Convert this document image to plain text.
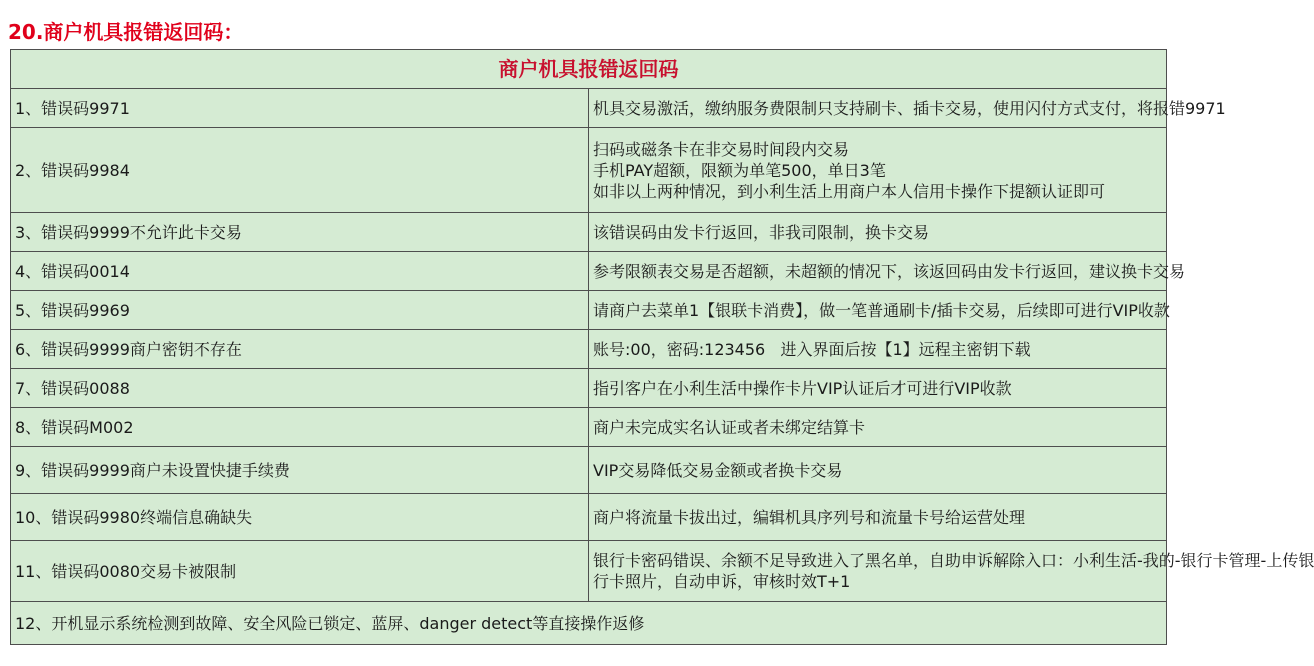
20.商户机具报错返回码：
商户机具报错返回码	
1、错误码9971	机具交易激活，缴纳服务费限制只支持刷卡、插卡交易，使用闪付方式支付，将报错9971

2、错误码9984	扫码或磁条卡在非交易时间段内交易
手机PAY超额，限额为单笔500，单日3笔
如非以上两种情况，到小利生活上用商户本人信用卡操作下提额认证即可

3、错误码9999不允许此卡交易	该错误码由发卡行返回，非我司限制，换卡交易

4、错误码0014	参考限额表交易是否超额，未超额的情况下，该返回码由发卡行返回，建议换卡交易

5、错误码9969	请商户去菜单1【银联卡消费】，做一笔普通刷卡/插卡交易，后续即可进行VIP收款

6、错误码9999商户密钥不存在	账号:00，密码:123456   进入界面后按【1】远程主密钥下载

7、错误码0088	指引客户在小利生活中操作卡片VIP认证后才可进行VIP收款

8、错误码M002	商户未完成实名认证或者未绑定结算卡

9、错误码9999商户未设置快捷手续费	VIP交易降低交易金额或者换卡交易

10、错误码9980终端信息确缺失	商户将流量卡拔出过，编辑机具序列号和流量卡号给运营处理

11、错误码0080交易卡被限制	银行卡密码错误、余额不足导致进入了黑名单，自助申诉解除入口：小利生活-我的-银行卡管理-上传银
行卡照片，自动申诉，审核时效T+1

12、开机显示系统检测到故障、安全风险已锁定、蓝屏、danger detect等直接操作返修	
